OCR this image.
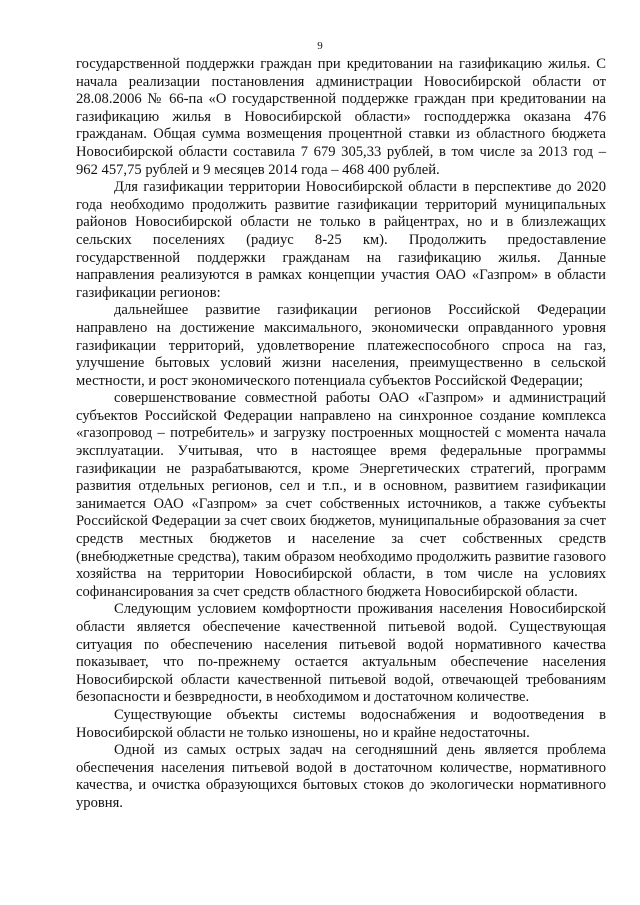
9

государственной поддержки граждан при кредитовании на газификацию жилья. С начала реализации постановления администрации Новосибирской области от 28.08.2006 № 66-па «О государственной поддержке граждан при кредитовании на газификацию жилья в Новосибирской области» господдержка оказана 476 гражданам. Общая сумма возмещения процентной ставки из областного бюджета Новосибирской области составила 7 679 305,33 рублей, в том числе за 2013 год – 962 457,75 рублей и 9 месяцев 2014 года – 468 400 рублей.

Для газификации территории Новосибирской области в перспективе до 2020 года необходимо продолжить развитие газификации территорий муниципальных районов Новосибирской области не только в райцентрах, но и в близлежащих сельских поселениях (радиус 8-25 км). Продолжить предоставление государственной поддержки гражданам на газификацию жилья. Данные направления реализуются в рамках концепции участия ОАО «Газпром» в области газификации регионов:

дальнейшее развитие газификации регионов Российской Федерации направлено на достижение максимального, экономически оправданного уровня газификации территорий, удовлетворение платежеспособного спроса на газ, улучшение бытовых условий жизни населения, преимущественно в сельской местности, и рост экономического потенциала субъектов Российской Федерации;

совершенствование совместной работы ОАО «Газпром» и администраций субъектов Российской Федерации направлено на синхронное создание комплекса «газопровод – потребитель» и загрузку построенных мощностей с момента начала эксплуатации. Учитывая, что в настоящее время федеральные программы газификации не разрабатываются, кроме Энергетических стратегий, программ развития отдельных регионов, сел и т.п., и в основном, развитием газификации занимается ОАО «Газпром» за счет собственных источников, а также субъекты Российской Федерации за счет своих бюджетов, муниципальные образования за счет средств местных бюджетов и население за счет собственных средств (внебюджетные средства), таким образом необходимо продолжить развитие газового хозяйства на территории Новосибирской области, в том числе на условиях софинансирования за счет средств областного бюджета Новосибирской области.

Следующим условием комфортности проживания населения Новосибирской области является обеспечение качественной питьевой водой. Существующая ситуация по обеспечению населения питьевой водой нормативного качества показывает, что по-прежнему остается актуальным обеспечение населения Новосибирской области качественной питьевой водой, отвечающей требованиям безопасности и безвредности, в необходимом и достаточном количестве.

Существующие объекты системы водоснабжения и водоотведения в Новосибирской области не только изношены, но и крайне недостаточны.

Одной из самых острых задач на сегодняшний день является проблема обеспечения населения питьевой водой в достаточном количестве, нормативного качества, и очистка образующихся бытовых стоков до экологически нормативного уровня.
